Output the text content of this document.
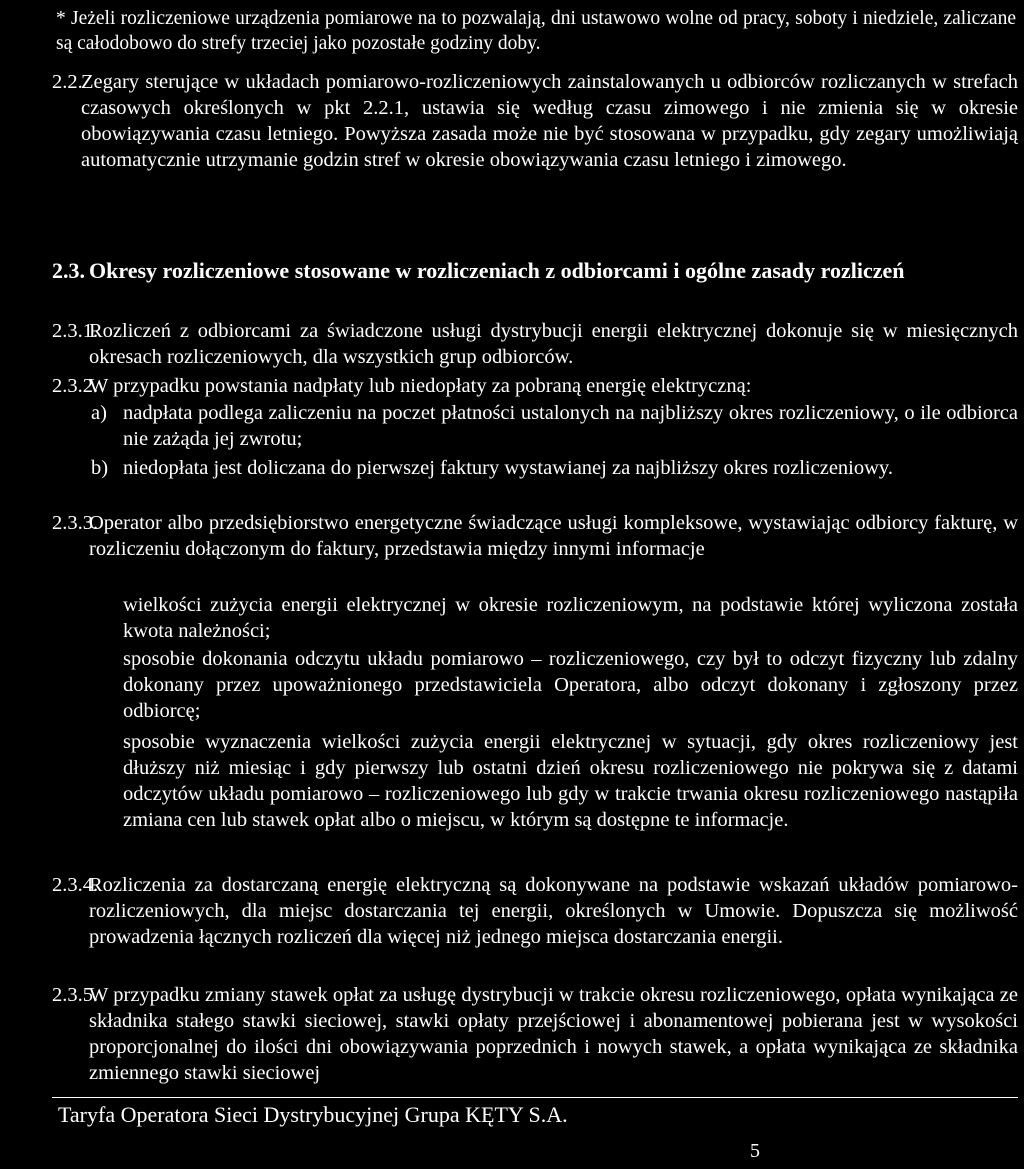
* Jeżeli rozliczeniowe urządzenia pomiarowe na to pozwalają, dni ustawowo wolne od pracy, soboty i niedziele, zaliczane są całodobowo do strefy trzeciej jako pozostałe godziny doby.
2.2.
Zegary sterujące w układach pomiarowo-rozliczeniowych zainstalowanych u odbiorców rozliczanych w strefach czasowych określonych w pkt 2.2.1, ustawia się według czasu zimowego i nie zmienia się w okresie obowiązywania czasu letniego. Powyższa zasada może nie być stosowana w przypadku, gdy zegary umożliwiają automatycznie utrzymanie godzin stref w okresie obowiązywania czasu letniego i zimowego.
2.3. Okresy rozliczeniowe stosowane w rozliczeniach z odbiorcami i ogólne zasady rozliczeń
2.3.1.
Rozliczeń z odbiorcami za świadczone usługi dystrybucji energii elektrycznej dokonuje się w miesięcznych okresach rozliczeniowych, dla wszystkich grup odbiorców.
2.3.2.
W przypadku powstania nadpłaty lub niedopłaty za pobraną energię elektryczną:
a) nadpłata podlega zaliczeniu na poczet płatności ustalonych na najbliższy okres rozliczeniowy, o ile odbiorca nie zażąda jej zwrotu;
b) niedopłata jest doliczana do pierwszej faktury wystawianej za najbliższy okres rozliczeniowy.
2.3.3.
Operator albo przedsiębiorstwo energetyczne świadczące usługi kompleksowe, wystawiając odbiorcy fakturę, w rozliczeniu dołączonym do faktury, przedstawia między innymi informacje
wielkości zużycia energii elektrycznej w okresie rozliczeniowym, na podstawie której wyliczona została kwota należności;
sposobie dokonania odczytu układu pomiarowo – rozliczeniowego, czy był to odczyt fizyczny lub zdalny dokonany przez upoważnionego przedstawiciela Operatora, albo odczyt dokonany i zgłoszony przez odbiorcę;
sposobie wyznaczenia wielkości zużycia energii elektrycznej w sytuacji, gdy okres rozliczeniowy jest dłuższy niż miesiąc i gdy pierwszy lub ostatni dzień okresu rozliczeniowego nie pokrywa się z datami odczytów układu pomiarowo – rozliczeniowego lub gdy w trakcie trwania okresu rozliczeniowego nastąpiła zmiana cen lub stawek opłat albo o miejscu, w którym są dostępne te informacje.
2.3.4.
Rozliczenia za dostarczaną energię elektryczną są dokonywane na podstawie wskazań układów pomiarowo-rozliczeniowych, dla miejsc dostarczania tej energii, określonych w Umowie. Dopuszcza się możliwość prowadzenia łącznych rozliczeń dla więcej niż jednego miejsca dostarczania energii.
2.3.5.
W przypadku zmiany stawek opłat za usługę dystrybucji w trakcie okresu rozliczeniowego, opłata wynikająca ze składnika stałego stawki sieciowej, stawki opłaty przejściowej i abonamentowej pobierana jest w wysokości proporcjonalnej do ilości dni obowiązywania poprzednich i nowych stawek, a opłata wynikająca ze składnika zmiennego stawki sieciowej
Taryfa Operatora Sieci Dystrybucyjnej Grupa KĘTY S.A.
5
